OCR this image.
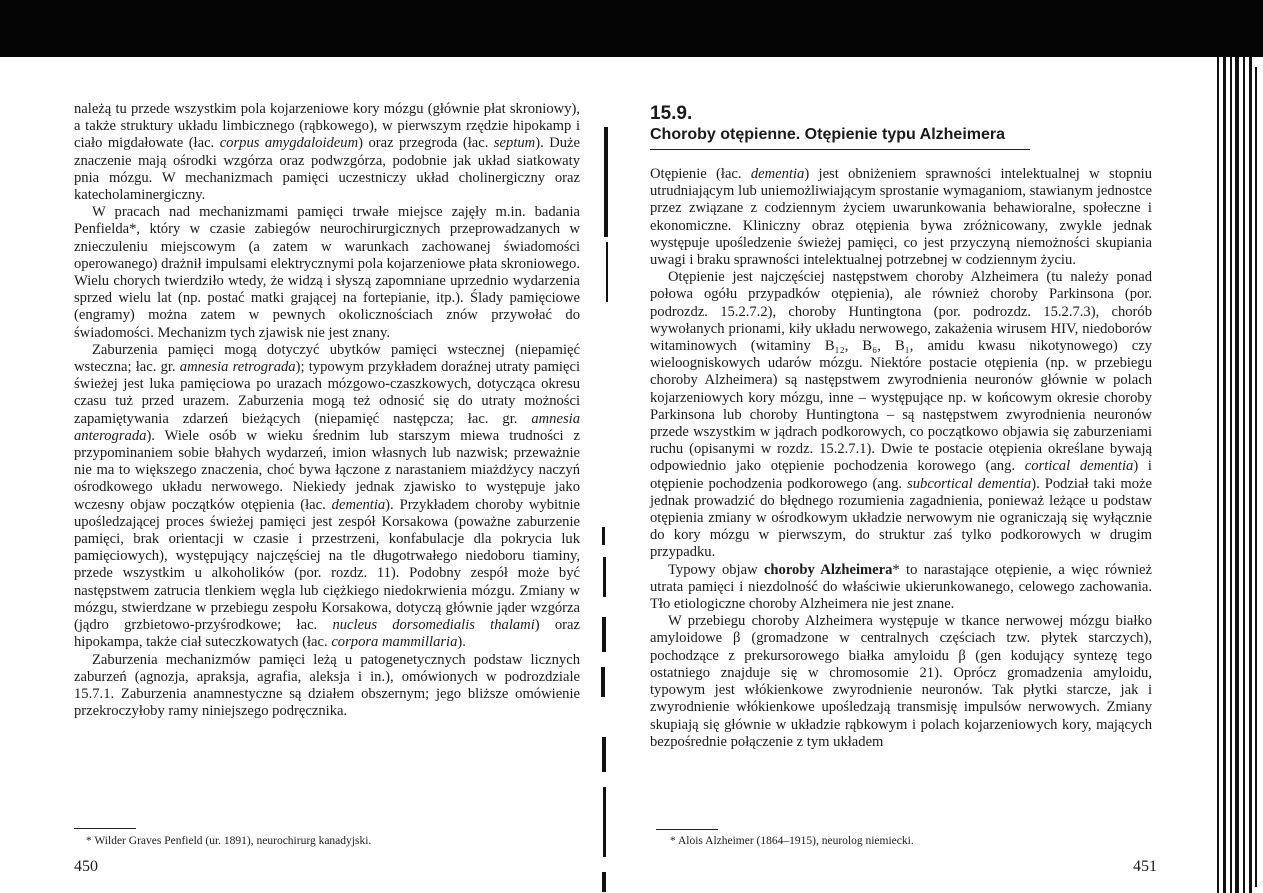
należą tu przede wszystkim pola kojarzeniowe kory mózgu (głównie płat skroniowy), a także struktury układu limbicznego (rąbkowego), w pierwszym rzędzie hipokamp i ciało migdałowate (łac. corpus amygdaloideum) oraz przegroda (łac. septum). Duże znaczenie mają ośrodki wzgórza oraz podwzgórza, podobnie jak układ siatkowaty pnia mózgu. W mechanizmach pamięci uczestniczy układ cholinergiczny oraz katecholaminergiczny.

W pracach nad mechanizmami pamięci trwałe miejsce zajęły m.in. badania Penfielda*, który w czasie zabiegów neurochirurgicznych przeprowadzanych w znieczuleniu miejscowym (a zatem w warunkach zachowanej świadomości operowanego) drażnił impulsami elektrycznymi pola kojarzeniowe płata skroniowego. Wielu chorych twierdziło wtedy, że widzą i słyszą zapomniane uprzednio wydarzenia sprzed wielu lat (np. postać matki grającej na fortepianie, itp.). Ślady pamięciowe (engramy) można zatem w pewnych okolicznościach znów przywołać do świadomości. Mechanizm tych zjawisk nie jest znany.

Zaburzenia pamięci mogą dotyczyć ubytków pamięci wstecznej (niepamięć wsteczna; łac. gr. amnesia retrograda); typowym przykładem doraźnej utraty pamięci świeżej jest luka pamięciowa po urazach mózgowo-czaszkowych, dotycząca okresu czasu tuż przed urazem. Zaburzenia mogą też odnosić się do utraty możności zapamiętywania zdarzeń bieżących (niepamięć następcza; łac. gr. amnesia anterograda). Wiele osób w wieku średnim lub starszym miewa trudności z przypominaniem sobie błahych wydarzeń, imion własnych lub nazwisk; przeważnie nie ma to większego znaczenia, choć bywa łączone z narastaniem miażdżycy naczyń ośrodkowego układu nerwowego. Niekiedy jednak zjawisko to występuje jako wczesny objaw początków otępienia (łac. dementia). Przykładem choroby wybitnie upośledzającej proces świeżej pamięci jest zespół Korsakowa (poważne zaburzenie pamięci, brak orientacji w czasie i przestrzeni, konfabulacje dla pokrycia luk pamięciowych), występujący najczęściej na tle długotrwałego niedoboru tiaminy, przede wszystkim u alkoholików (por. rozdz. 11). Podobny zespół może być następstwem zatrucia tlenkiem węgla lub ciężkiego niedokrwienia mózgu. Zmiany w mózgu, stwierdzane w przebiegu zespołu Korsakowa, dotyczą głównie jąder wzgórza (jądro grzbietowo-przyśrodkowe; łac. nucleus dorsomedialis thalami) oraz hipokampa, także ciał suteczkowatych (łac. corpora mammillaria).

Zaburzenia mechanizmów pamięci leżą u patogenetycznych podstaw licznych zaburzeń (agnozja, apraksja, agrafia, aleksja i in.), omówionych w podrozdziale 15.7.1. Zaburzenia anamnestyczne są działem obszernym; jego bliższe omówienie przekroczyłoby ramy niniejszego podręcznika.

* Wilder Graves Penfield (ur. 1891), neurochirurg kanadyjski.
450
15.9.
Choroby otępienne. Otępienie typu Alzheimera

Otępienie (łac. dementia) jest obniżeniem sprawności intelektualnej w stopniu utrudniającym lub uniemożliwiającym sprostanie wymaganiom, stawianym jednostce przez związane z codziennym życiem uwarunkowania behawioralne, społeczne i ekonomiczne. Kliniczny obraz otępienia bywa zróżnicowany, zwykle jednak występuje upośledzenie świeżej pamięci, co jest przyczyną niemożności skupiania uwagi i braku sprawności intelektualnej potrzebnej w codziennym życiu.

Otępienie jest najczęściej następstwem choroby Alzheimera (tu należy ponad połowa ogółu przypadków otępienia), ale również choroby Parkinsona (por. podrozdz. 15.2.7.2), choroby Huntingtona (por. podrozdz. 15.2.7.3), chorób wywołanych prionami, kiły układu nerwowego, zakażenia wirusem HIV, niedoborów witaminowych (witaminy B₁₂, B₆, B₁, amidu kwasu nikotynowego) czy wieloogniskowych udarów mózgu. Niektóre postacie otępienia (np. w przebiegu choroby Alzheimera) są następstwem zwyrodnienia neuronów głównie w polach kojarzeniowych kory mózgu, inne – występujące np. w końcowym okresie choroby Parkinsona lub choroby Huntingtona – są następstwem zwyrodnienia neuronów przede wszystkim w jądrach podkorowych, co początkowo objawia się zaburzeniami ruchu (opisanymi w rozdz. 15.2.7.1). Dwie te postacie otępienia określane bywają odpowiednio jako otępienie pochodzenia korowego (ang. cortical dementia) i otępienie pochodzenia podkorowego (ang. subcortical dementia). Podział taki może jednak prowadzić do błędnego rozumienia zagadnienia, ponieważ leżące u podstaw otępienia zmiany w ośrodkowym układzie nerwowym nie ograniczają się wyłącznie do kory mózgu w pierwszym, do struktur zaś tylko podkorowych w drugim przypadku.

Typowy objaw choroby Alzheimera* to narastające otępienie, a więc również utrata pamięci i niezdolność do właściwie ukierunkowanego, celowego zachowania. Tło etiologiczne choroby Alzheimera nie jest znane.

W przebiegu choroby Alzheimera występuje w tkance nerwowej mózgu białko amyloidowe β (gromadzone w centralnych częściach tzw. płytek starczych), pochodzące z prekursorowego białka amyloidu β (gen kodujący syntezę tego ostatniego znajduje się w chromosomie 21). Oprócz gromadzenia amyloidu, typowym jest włókienkowe zwyrodnienie neuronów. Tak płytki starcze, jak i zwyrodnienie włókienkowe upośledzają transmisję impulsów nerwowych. Zmiany skupiają się głównie w układzie rąbkowym i polach kojarzeniowych kory, mających bezpośrednie połączenie z tym układem

* Alois Alzheimer (1864–1915), neurolog niemiecki.
451
